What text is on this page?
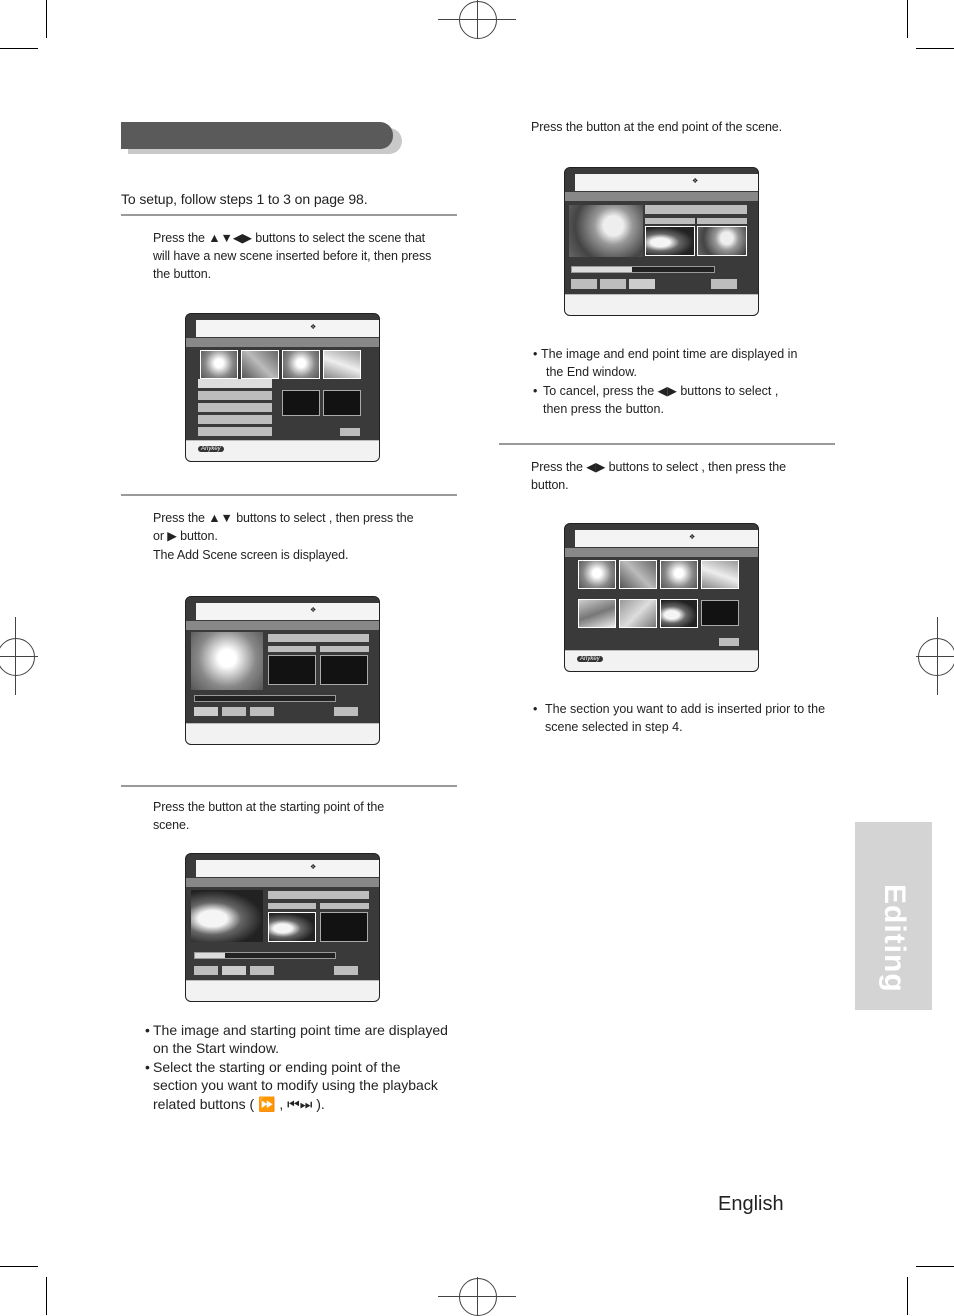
To setup, follow steps 1 to 3 on page 98.
Press the ▲▼◀▶ buttons to select the scene that
will have a new scene inserted before it, then press
the button.
❖
Anykey
Press the ▲▼ buttons to select , then press the
or ▶ button.
The Add Scene screen is displayed.
❖
Press the button at the starting point of the
scene.
❖
• The image and starting point time are displayed
on the Start window.
• Select the starting or ending point of the
section you want to modify using the playback
related buttons ( ⏩ , ⏮⏭ ).
Press the button at the end point of the scene.
❖
• The image and end point time are displayed in
the End window.
• To cancel, press the ◀▶ buttons to select ,
then press the button.
Press the ◀▶ buttons to select , then press the
button.
❖
Anykey
• The section you want to add is inserted prior to the
scene selected in step 4.
Editing
English
